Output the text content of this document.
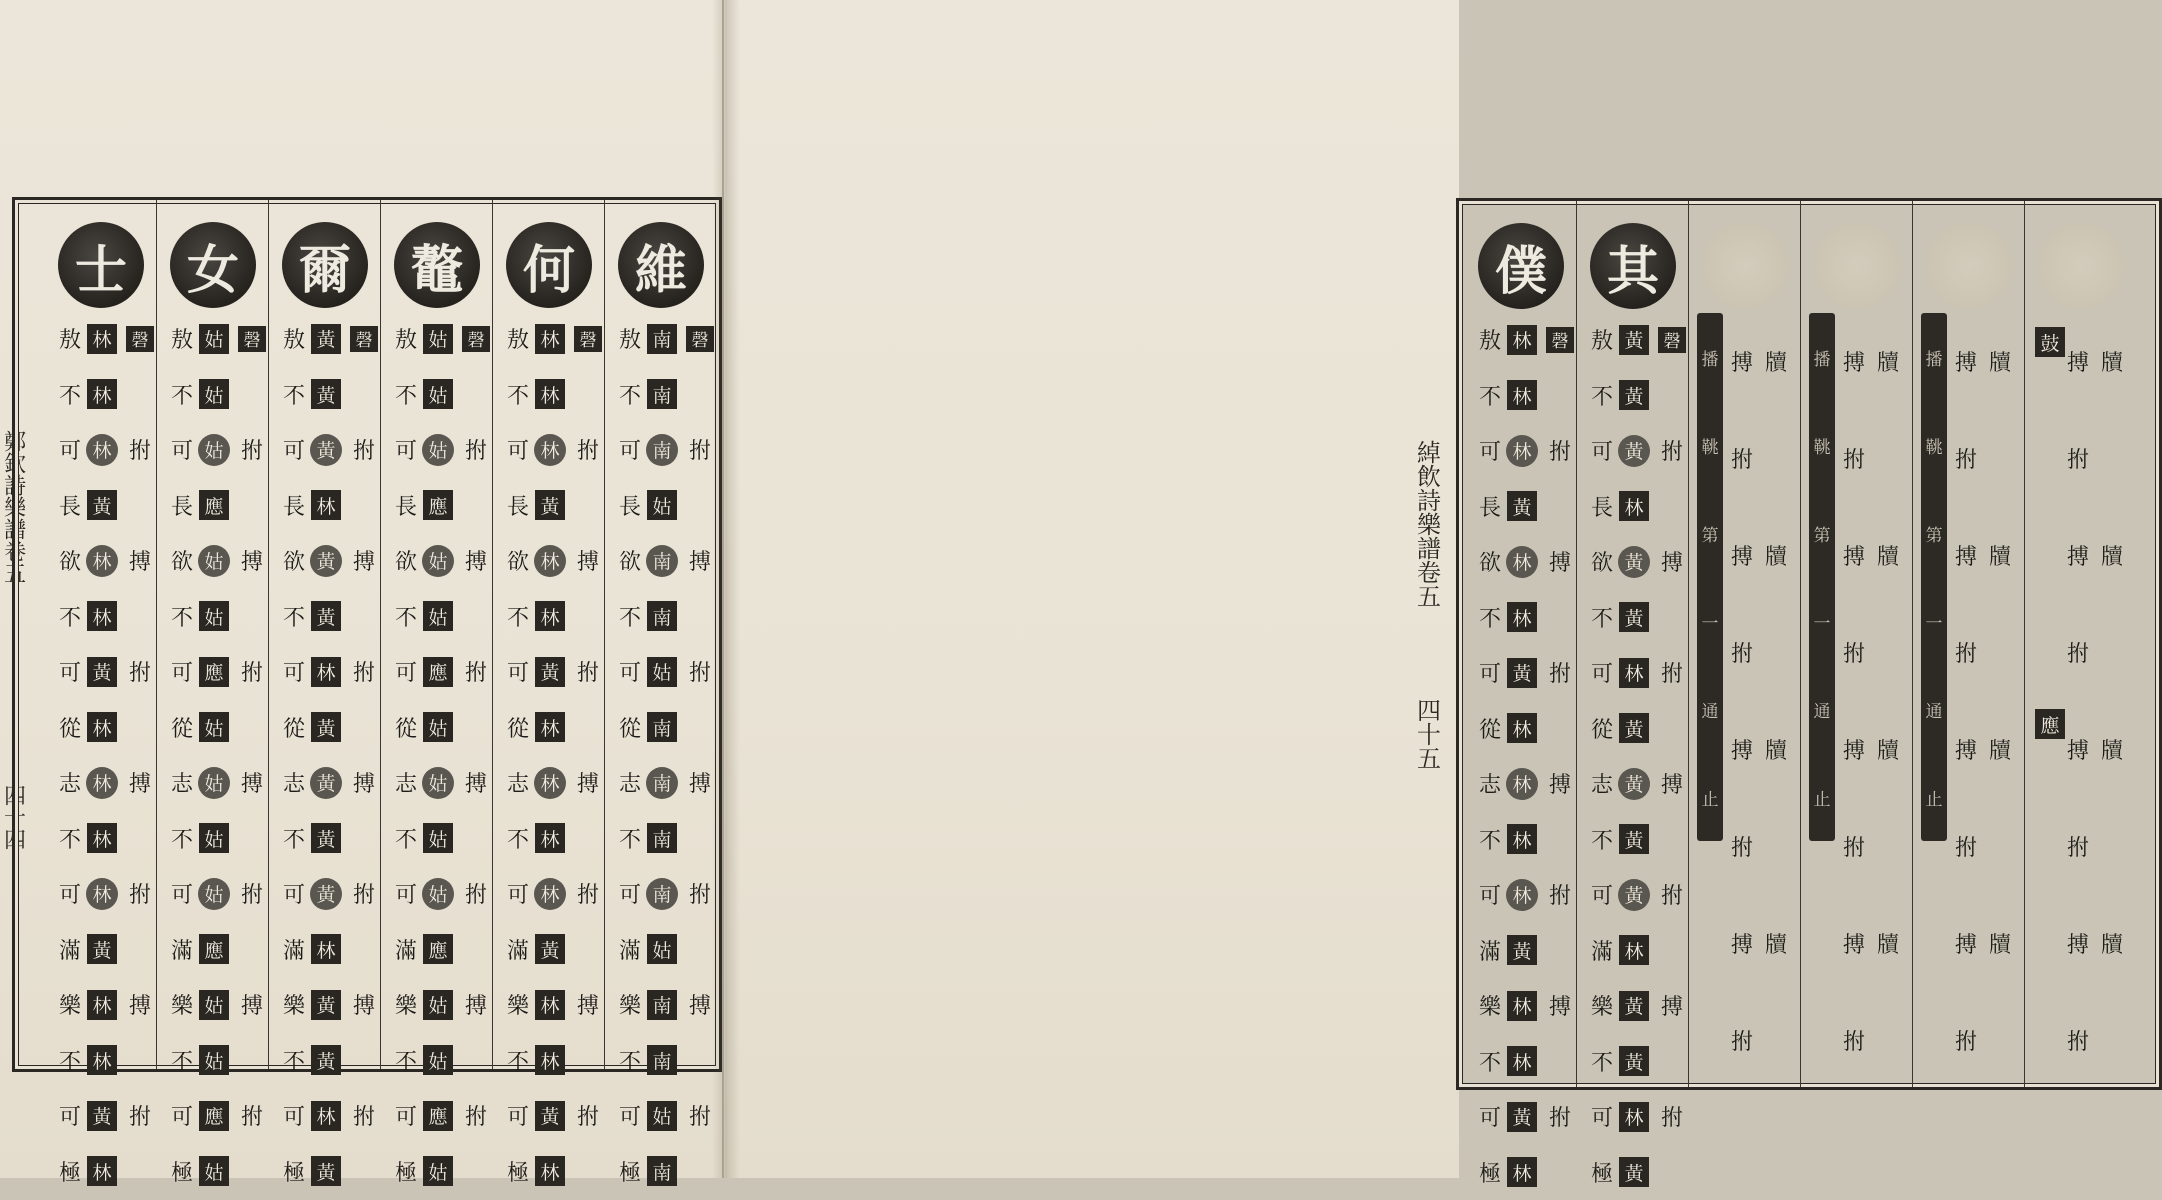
鄭欽詩樂譜卷五
四十四
維
敖
不
可
長
欲
不
可
從
志
不
可
滿
樂
不
可
極
南
南
南
姑
南
南
姑
南
南
南
南
姑
南
南
姑
南
磬
拊
搏
拊
搏
拊
搏
拊
何
敖
不
可
長
欲
不
可
從
志
不
可
滿
樂
不
可
極
林
林
林
黃
林
林
黃
林
林
林
林
黃
林
林
黃
林
磬
拊
搏
拊
搏
拊
搏
拊
鼇
敖
不
可
長
欲
不
可
從
志
不
可
滿
樂
不
可
極
姑
姑
姑
應
姑
姑
應
姑
姑
姑
姑
應
姑
姑
應
姑
磬
拊
搏
拊
搏
拊
搏
拊
爾
敖
不
可
長
欲
不
可
從
志
不
可
滿
樂
不
可
極
黃
黃
黃
林
黃
黃
林
黃
黃
黃
黃
林
黃
黃
林
黃
磬
拊
搏
拊
搏
拊
搏
拊
女
敖
不
可
長
欲
不
可
從
志
不
可
滿
樂
不
可
極
姑
姑
姑
應
姑
姑
應
姑
姑
姑
姑
應
姑
姑
應
姑
磬
拊
搏
拊
搏
拊
搏
拊
士
敖
不
可
長
欲
不
可
從
志
不
可
滿
樂
不
可
極
林
林
林
黃
林
林
黃
林
林
林
林
黃
林
林
黃
林
磬
拊
搏
拊
搏
拊
搏
拊
僕
敖
不
可
長
欲
不
可
從
志
不
可
滿
樂
不
可
極
林
林
林
黃
林
林
黃
林
林
林
林
黃
林
林
黃
林
磬
拊
搏
拊
搏
拊
搏
拊
其
敖
不
可
長
欲
不
可
從
志
不
可
滿
樂
不
可
極
黃
黃
黃
林
黃
黃
林
黃
黃
黃
黃
林
黃
黃
林
黃
磬
拊
搏
拊
搏
拊
搏
拊
播
鞉
第
一
通
止
搏
拊
搏
拊
搏
拊
搏
拊
牘
牘
牘
牘
播
鞉
第
一
通
止
搏
拊
搏
拊
搏
拊
搏
拊
牘
牘
牘
牘
播
鞉
第
一
通
止
搏
拊
搏
拊
搏
拊
搏
拊
牘
牘
牘
牘
鼓
應
搏
拊
搏
拊
搏
拊
搏
拊
牘
牘
牘
牘
綽飲詩樂譜卷五
四十五
